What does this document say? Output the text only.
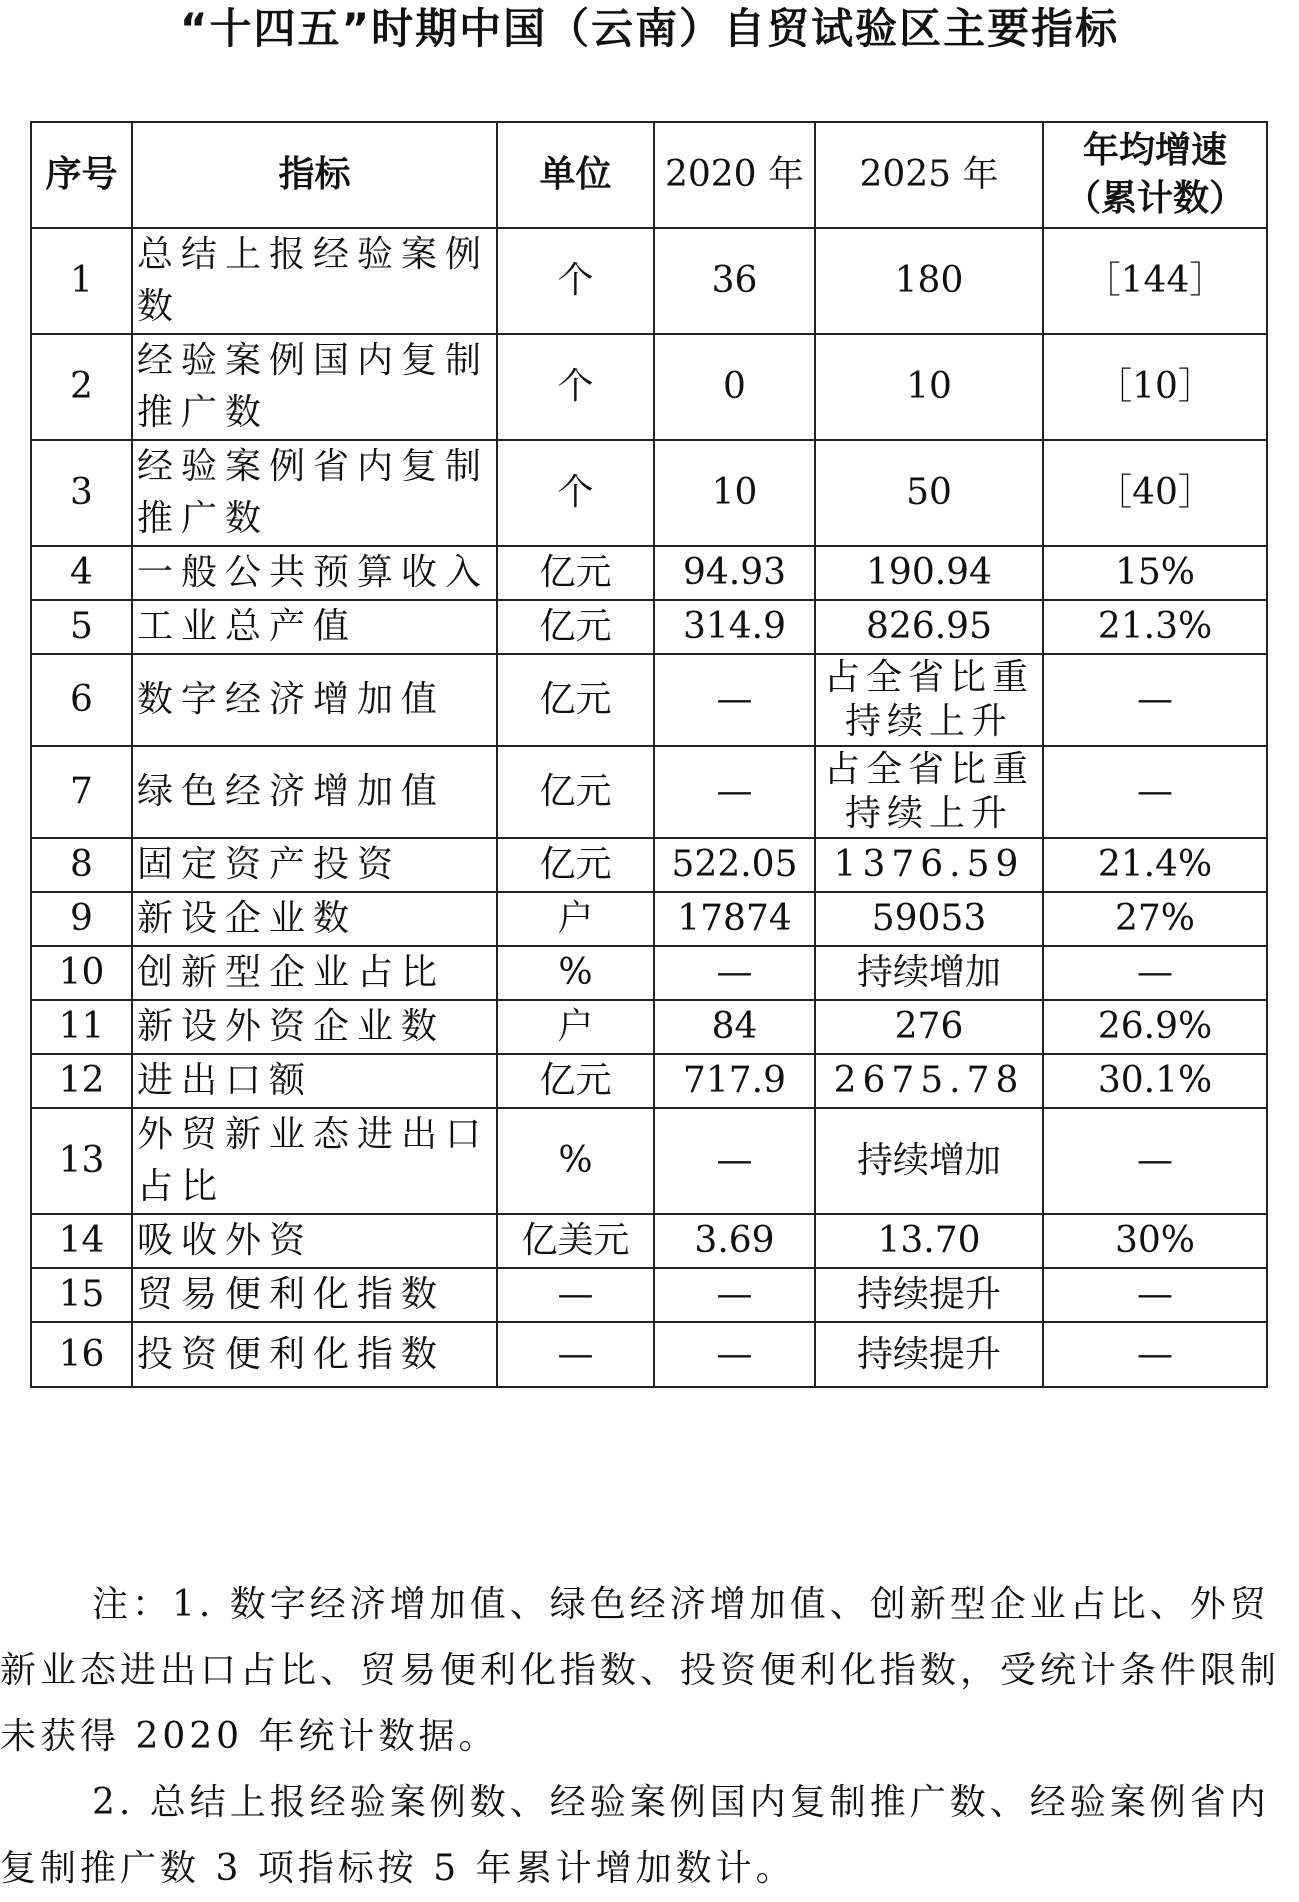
“十四五”时期中国（云南）自贸试验区主要指标
序号	指标	单位	2020 年	2025 年	年均增速
（累计数）

1	总结上报经验案例数	个	36	180	［144］
2	经验案例国内复制推广数	个	0	10	［10］
3	经验案例省内复制推广数	个	10	50	［40］
4	一般公共预算收入	亿元	94.93	190.94	15%
5	工业总产值	亿元	314.9	826.95	21.3%
6	数字经济增加值	亿元	—	占全省比重持续上升	—
7	绿色经济增加值	亿元	—	占全省比重持续上升	—
8	固定资产投资	亿元	522.05	1376.59	21.4%
9	新设企业数	户	17874	59053	27%
10	创新型企业占比	%	—	持续增加	—
11	新设外资企业数	户	84	276	26.9%
12	进出口额	亿元	717.9	2675.78	30.1%
13	外贸新业态进出口占比	%	—	持续增加	—
14	吸收外资	亿美元	3.69	13.70	30%
15	贸易便利化指数	—	—	持续提升	—
16	投资便利化指数	—	—	持续提升	—

注：1. 数字经济增加值、绿色经济增加值、创新型企业占比、外贸新业态进出口占比、贸易便利化指数、投资便利化指数，受统计条件限制未获得 2020 年统计数据。

2. 总结上报经验案例数、经验案例国内复制推广数、经验案例省内复制推广数 3 项指标按 5 年累计增加数计。
